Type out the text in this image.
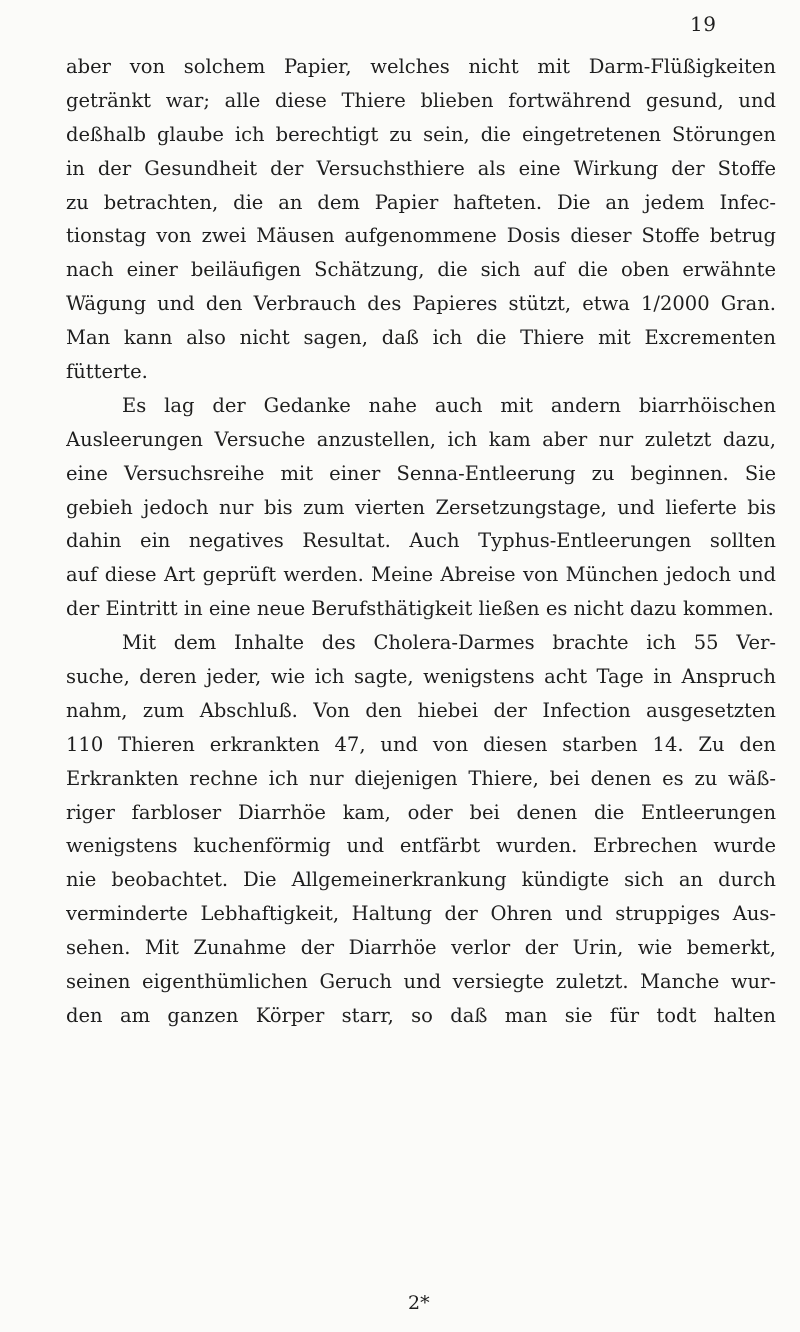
19
aber von solchem Papier, welches nicht mit Darm-Flüßigkeiten
getränkt war; alle diese Thiere blieben fortwährend gesund, und
deßhalb glaube ich berechtigt zu sein, die eingetretenen Störungen
in der Gesundheit der Versuchsthiere als eine Wirkung der Stoffe
zu betrachten, die an dem Papier hafteten. Die an jedem Infec-
tionstag von zwei Mäusen aufgenommene Dosis dieser Stoffe betrug
nach einer beiläufigen Schätzung, die sich auf die oben erwähnte
Wägung und den Verbrauch des Papieres stützt, etwa 1/2000 Gran.
Man kann also nicht sagen, daß ich die Thiere mit Excrementen
fütterte.
Es lag der Gedanke nahe auch mit andern biarrhöischen
Ausleerungen Versuche anzustellen, ich kam aber nur zuletzt dazu,
eine Versuchsreihe mit einer Senna-Entleerung zu beginnen. Sie
gebieh jedoch nur bis zum vierten Zersetzungstage, und lieferte bis
dahin ein negatives Resultat. Auch Typhus-Entleerungen sollten
auf diese Art geprüft werden. Meine Abreise von München jedoch und
der Eintritt in eine neue Berufsthätigkeit ließen es nicht dazu kommen.
Mit dem Inhalte des Cholera-Darmes brachte ich 55 Ver-
suche, deren jeder, wie ich sagte, wenigstens acht Tage in Anspruch
nahm, zum Abschluß. Von den hiebei der Infection ausgesetzten
110 Thieren erkrankten 47, und von diesen starben 14. Zu den
Erkrankten rechne ich nur diejenigen Thiere, bei denen es zu wäß-
riger farbloser Diarrhöe kam, oder bei denen die Entleerungen
wenigstens kuchenförmig und entfärbt wurden. Erbrechen wurde
nie beobachtet. Die Allgemeinerkrankung kündigte sich an durch
verminderte Lebhaftigkeit, Haltung der Ohren und struppiges Aus-
sehen. Mit Zunahme der Diarrhöe verlor der Urin, wie bemerkt,
seinen eigenthümlichen Geruch und versiegte zuletzt. Manche wur-
den am ganzen Körper starr, so daß man sie für todt halten
2*
